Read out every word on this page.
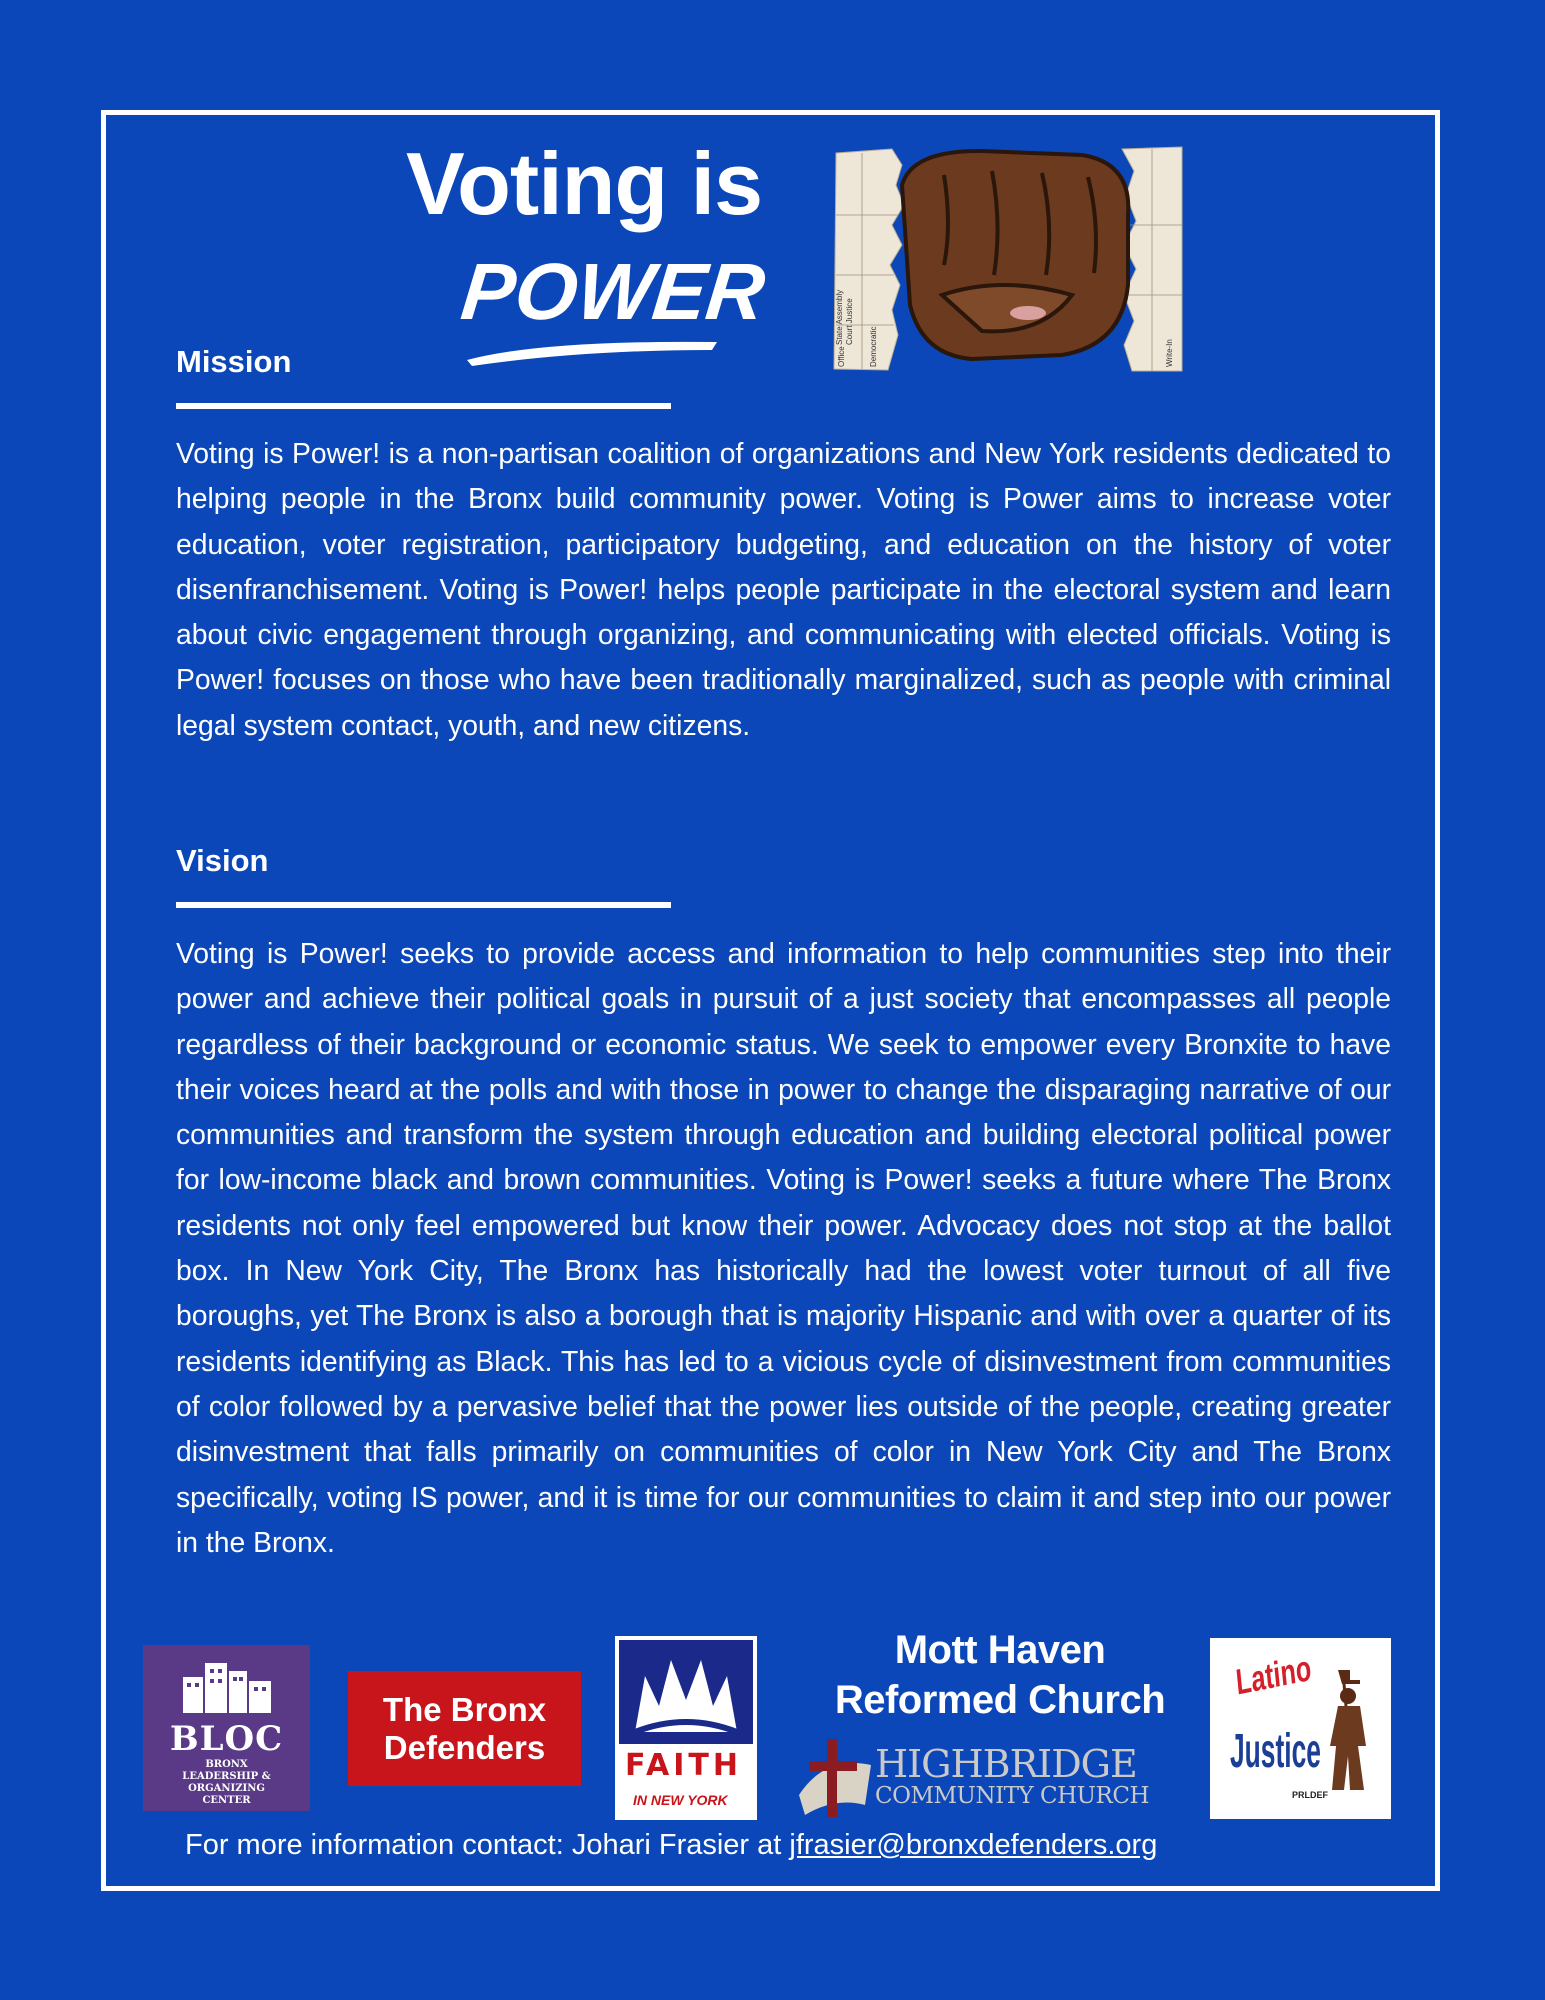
Voting is
POWER	State Assembly Court Justice
Office	Democratic	Write-In
Mission
Voting is Power! is a non-partisan coalition of organizations and New York residents dedicated to helping people in the Bronx build community power. Voting is Power aims to increase voter education, voter registration, participatory budgeting, and education on the history of voter disenfranchisement. Voting is Power! helps people participate in the electoral system and learn about civic engagement through organizing, and communicating with elected officials. Voting is Power! focuses on those who have been traditionally marginalized, such as people with criminal legal system contact, youth, and new citizens.
Vision
Voting is Power! seeks to provide access and information to help communities step into their power and achieve their political goals in pursuit of a just society that encompasses all people regardless of their background or economic status. We seek to empower every Bronxite to have their voices heard at the polls and with those in power to change the disparaging narrative of our communities and transform the system through education and building electoral political power for low-income black and brown communities. Voting is Power! seeks a future where The Bronx residents not only feel empowered but know their power. Advocacy does not stop at the ballot box. In New York City, The Bronx has historically had the lowest voter turnout of all five boroughs, yet The Bronx is also a borough that is majority Hispanic and with over a quarter of its residents identifying as Black. This has led to a vicious cycle of disinvestment from communities of color followed by a pervasive belief that the power lies outside of the people, creating greater disinvestment that falls primarily on communities of color in New York City and The Bronx specifically, voting IS power, and it is time for our communities to claim it and step into our power in the Bronx.
BLOC
BRONX LEADERSHIP & ORGANIZING CENTER
The Bronx
Defenders	FAITH
IN NEW YORK
Mott Haven
Reformed Church
HIGHBRIDGE
COMMUNITY CHURCH
Latino
Justice
PRLDEF
For more information contact: Johari Frasier at jfrasier@bronxdefenders.org
